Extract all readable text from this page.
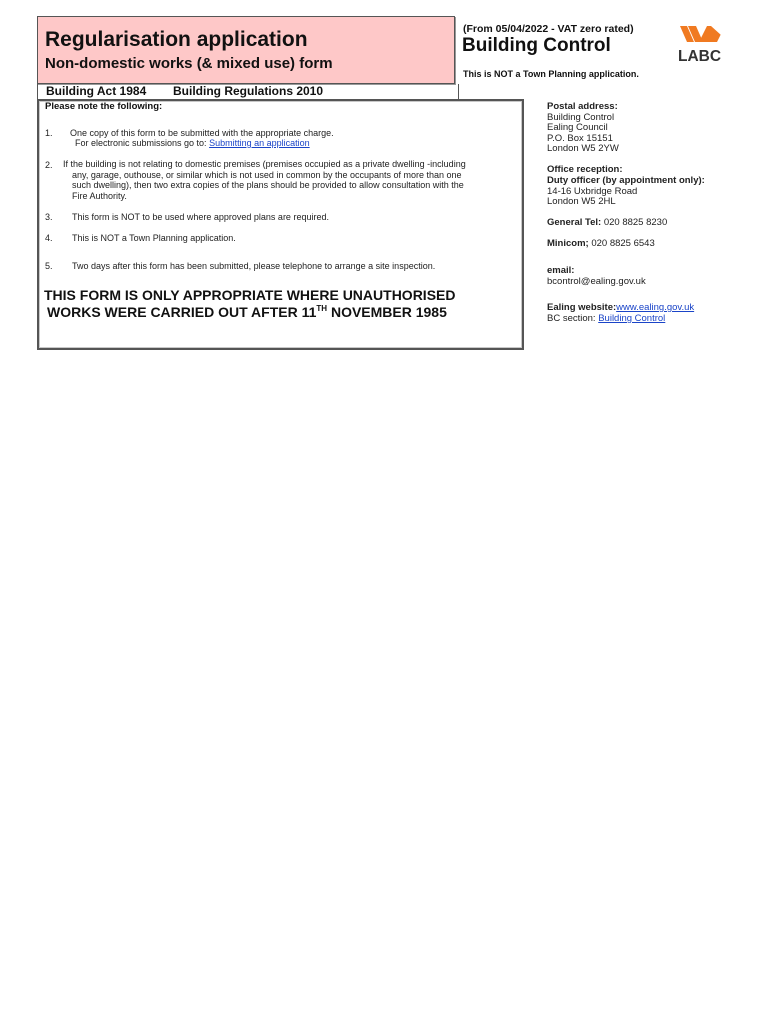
Regularisation application
Non-domestic works (& mixed use) form
Building Act 1984 Building Regulations 2010
(From 05/04/2022 - VAT zero rated)
Building Control
This is NOT a Town Planning application.
LABC
Please note the following:
1. One copy of this form to be submitted with the appropriate charge.
For electronic submissions go to: Submitting an application
2. If the building is not relating to domestic premises (premises occupied as a private dwelling -including
any, garage, outhouse, or similar which is not used in common by the occupants of more than one
such dwelling), then two extra copies of the plans should be provided to allow consultation with the
Fire Authority.
3. This form is NOT to be used where approved plans are required.
4. This is NOT a Town Planning application.
5. Two days after this form has been submitted, please telephone to arrange a site inspection.
THIS FORM IS ONLY APPROPRIATE WHERE UNAUTHORISED
WORKS WERE CARRIED OUT AFTER 11TH NOVEMBER 1985
Postal address:
Building Control
Ealing Council
P.O. Box 15151
London W5 2YW
Office reception:
Duty officer (by appointment only):
14-16 Uxbridge Road
London W5 2HL
General Tel: 020 8825 8230
Minicom; 020 8825 6543
email:
bcontrol@ealing.gov.uk
Ealing website:www.ealing.gov.uk
BC section: Building Control
